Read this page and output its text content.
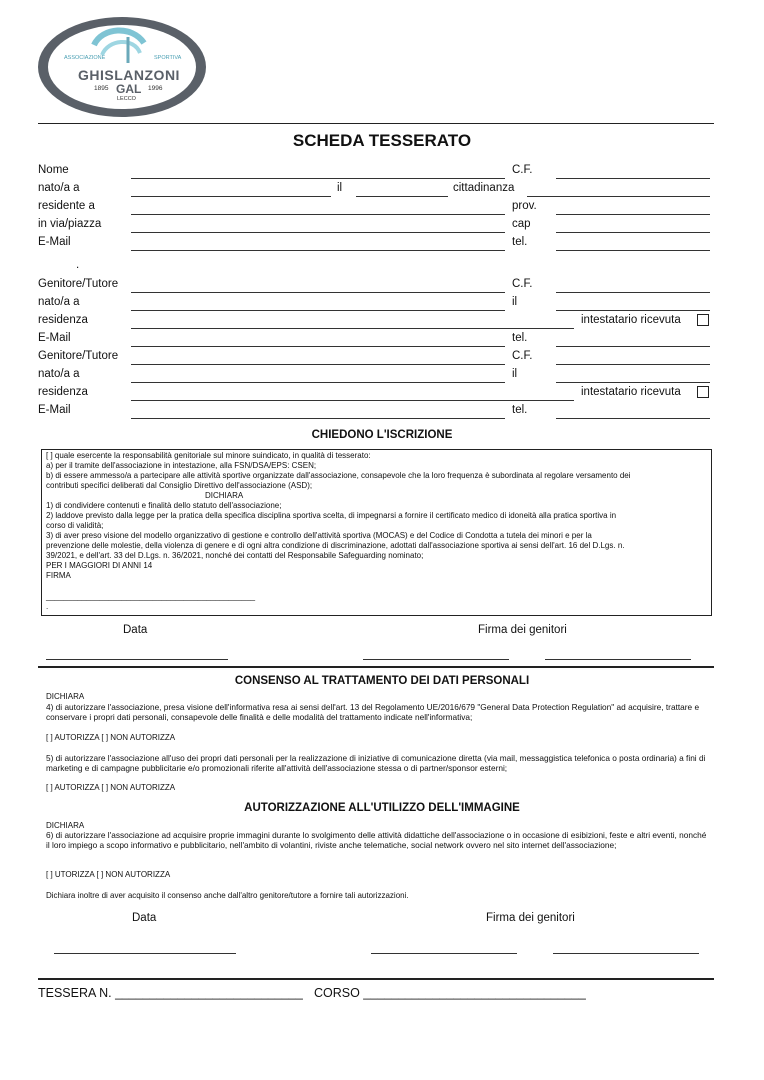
ASSOCIAZIONE	SPORTIVA
GHISLANZONI
GAL
1895	1996
LECCO
SCHEDA TESSERATO
Nome	C.F.
nato/a a	il	cittadinanza
residente a	prov.
in via/piazza	cap
E-Mail	tel.
.
Genitore/Tutore	C.F.
nato/a a	il
residenza	intestatario ricevuta
E-Mail	tel.
Genitore/Tutore	C.F.
nato/a a	il
residenza	intestatario ricevuta
E-Mail	tel.
CHIEDONO L'ISCRIZIONE
[ ] quale esercente la responsabilità genitoriale sul minore suindicato, in qualità di tesserato:
a) per il tramite dell'associazione in intestazione, alla FSN/DSA/EPS: CSEN;
b) di essere ammesso/a a partecipare alle attività sportive organizzate dall'associazione, consapevole che la loro frequenza è subordinata al regolare versamento dei
contributi specifici deliberati dal Consiglio Direttivo dell'associazione (ASD);
DICHIARA
1) di condividere contenuti e finalità dello statuto dell'associazione;
2) laddove previsto dalla legge per la pratica della specifica disciplina sportiva scelta, di impegnarsi a fornire il certificato medico di idoneità alla pratica sportiva in
corso di validità;
3) di aver preso visione del modello organizzativo di gestione e controllo dell'attività sportiva (MOCAS) e del Codice di Condotta a tutela dei minori e per la
prevenzione delle molestie, della violenza di genere e di ogni altra condizione di discriminazione, adottati dall'associazione sportiva ai sensi dell'art. 16 del D.Lgs. n.
39/2021, e dell'art. 33 del D.Lgs. n. 36/2021, nonché dei contatti del Responsabile Safeguarding nominato;
PER I MAGGIORI DI ANNI 14
FIRMA
_______________________________________________
.
Data	Firma dei genitori
CONSENSO AL TRATTAMENTO DEI DATI PERSONALI
DICHIARA
4) di autorizzare l'associazione, presa visione dell'informativa resa ai sensi dell'art. 13 del Regolamento UE/2016/679 "General Data Protection Regulation" ad acquisire, trattare e conservare i propri dati personali, consapevole delle finalità e delle modalità del trattamento indicate nell'informativa;
[ ] AUTORIZZA [ ] NON AUTORIZZA
5) di autorizzare l'associazione all'uso dei propri dati personali per la realizzazione di iniziative di comunicazione diretta (via mail, messaggistica telefonica o posta ordinaria) a fini di marketing e di campagne pubblicitarie e/o promozionali riferite all'attività dell'associazione stessa o di partner/sponsor esterni;
[ ] AUTORIZZA [ ] NON AUTORIZZA
AUTORIZZAZIONE ALL'UTILIZZO DELL'IMMAGINE
DICHIARA
6) di autorizzare l'associazione ad acquisire proprie immagini durante lo svolgimento delle attività didattiche dell'associazione o in occasione di esibizioni, feste e altri eventi, nonché il loro impiego a scopo informativo e pubblicitario, nell'ambito di volantini, riviste anche telematiche, social network ovvero nel sito internet dell'associazione;
[ ] UTORIZZA [ ] NON AUTORIZZA
Dichiara inoltre di aver acquisito il consenso anche dall'altro genitore/tutore a fornire tali autorizzazioni.
Data	Firma dei genitori
TESSERA N. ___________________________ CORSO ________________________________
